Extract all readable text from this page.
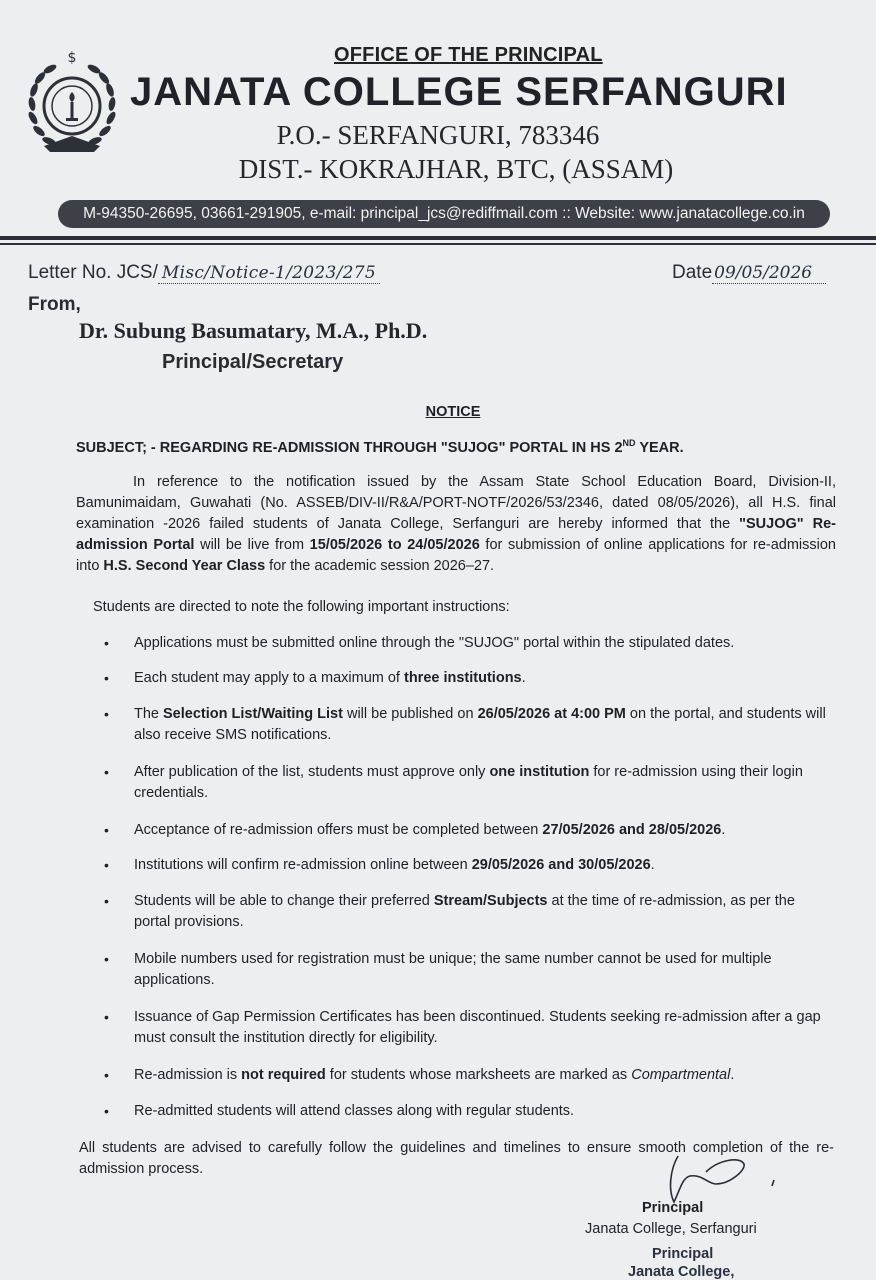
$	OFFICE OF THE PRINCIPAL
JANATA COLLEGE SERFANGURI
P.O.- SERFANGURI, 783346
DIST.- KOKRAJHAR, BTC, (ASSAM)
M-94350-26695, 03661-291905, e-mail: principal_jcs@rediffmail.com :: Website: www.janatacollege.co.in
Letter No. JCS/ Misc/Notice-1/2023/275	Date 09/05/2026
From,
Dr. Subung Basumatary, M.A., Ph.D.
Principal/Secretary
NOTICE
SUBJECT; - REGARDING RE-ADMISSION THROUGH "SUJOG" PORTAL IN HS 2ND YEAR.
In reference to the notification issued by the Assam State School Education Board, Division-II, Bamunimaidam, Guwahati (No. ASSEB/DIV-II/R&A/PORT-NOTF/2026/53/2346, dated 08/05/2026), all H.S. final examination -2026 failed students of Janata College, Serfanguri are hereby informed that the "SUJOG" Re-admission Portal will be live from 15/05/2026 to 24/05/2026 for submission of online applications for re-admission into H.S. Second Year Class for the academic session 2026–27.
Students are directed to note the following important instructions:
• Applications must be submitted online through the "SUJOG" portal within the stipulated dates.
• Each student may apply to a maximum of three institutions.
• The Selection List/Waiting List will be published on 26/05/2026 at 4:00 PM on the portal, and students will also receive SMS notifications.
• After publication of the list, students must approve only one institution for re-admission using their login credentials.
• Acceptance of re-admission offers must be completed between 27/05/2026 and 28/05/2026.
• Institutions will confirm re-admission online between 29/05/2026 and 30/05/2026.
• Students will be able to change their preferred Stream/Subjects at the time of re-admission, as per the portal provisions.
• Mobile numbers used for registration must be unique; the same number cannot be used for multiple applications.
• Issuance of Gap Permission Certificates has been discontinued. Students seeking re-admission after a gap must consult the institution directly for eligibility.
• Re-admission is not required for students whose marksheets are marked as Compartmental.
• Re-admitted students will attend classes along with regular students.
All students are advised to carefully follow the guidelines and timelines to ensure smooth completion of the re-admission process.
Principal
Janata College, Serfanguri
Principal
Janata College,
